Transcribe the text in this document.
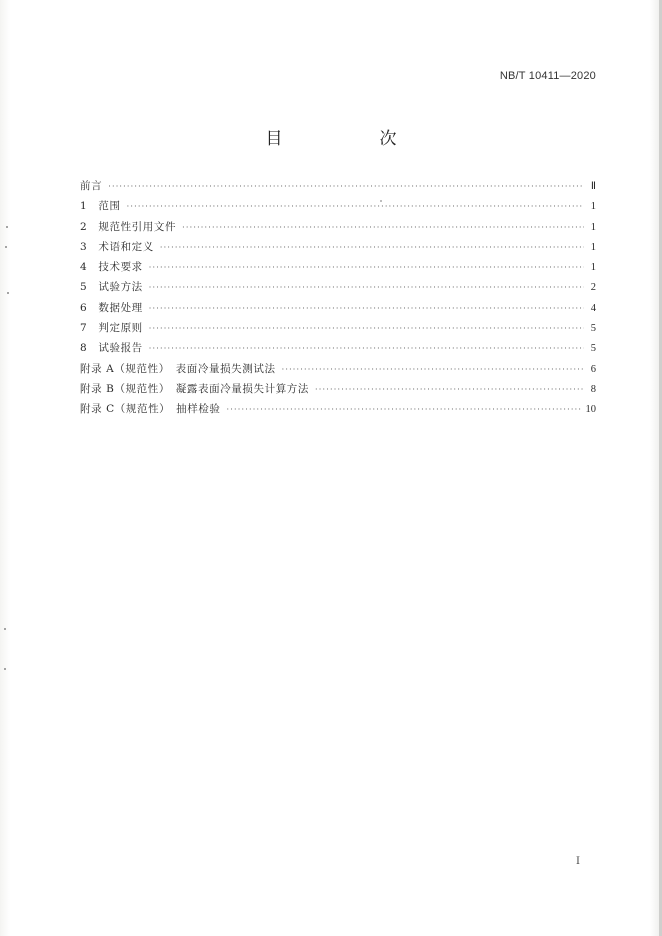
NB/T 10411—2020
目　次
前言 ·····	Ⅱ
1　范围 ·····	1
2　规范性引用文件 ·····	1
3　术语和定义 ·····	1
4　技术要求 ·····	1
5　试验方法 ·····	2
6　数据处理 ·····	4
7　判定原则 ·····	5
8　试验报告 ·····	5
附录 A（规范性）　表面冷量损失测试法 ·····	6
附录 B（规范性）　凝露表面冷量损失计算方法 ·····	8
附录 C（规范性）　抽样检验 ·····	10
I
